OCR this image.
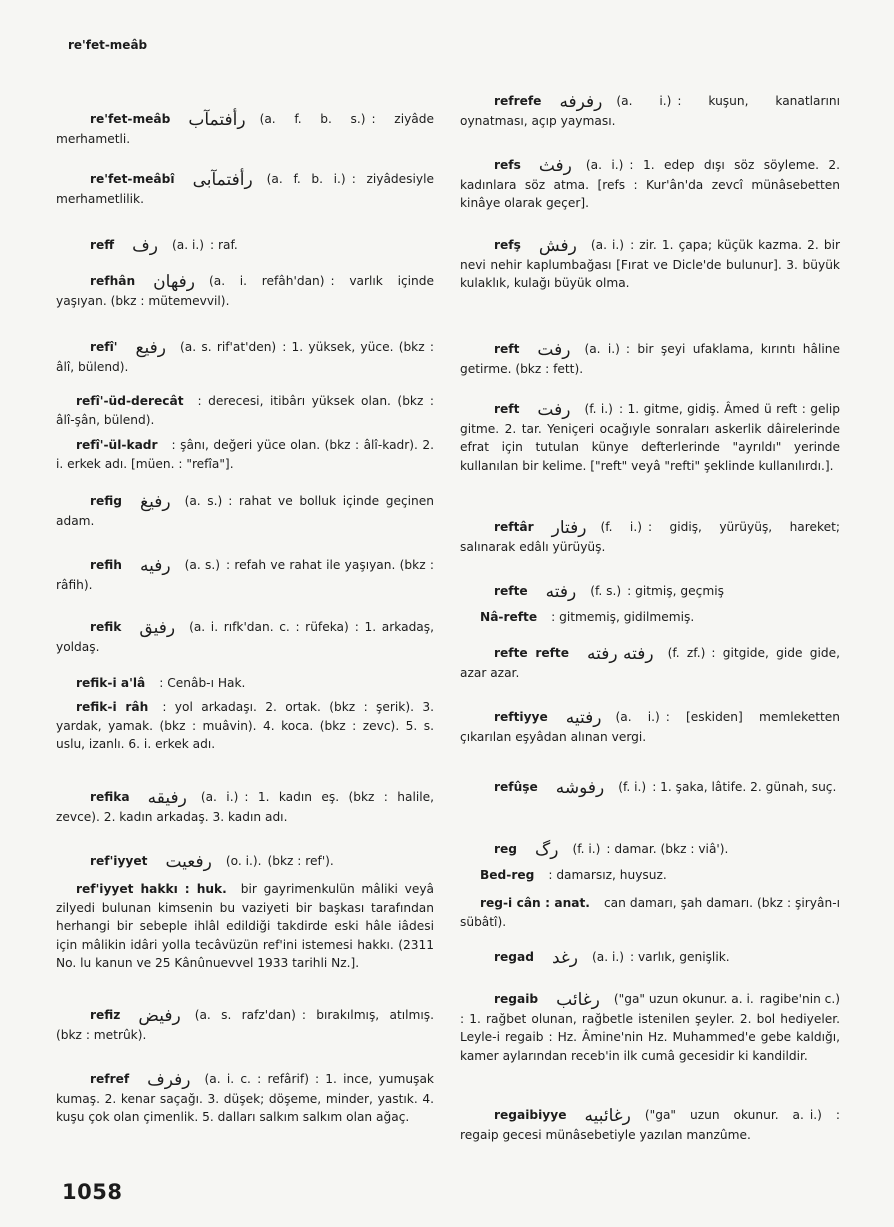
re'fet-meâb
re'fet-meâb رأفتمآب (a. f. b. s.) : ziyâde merhametli.
re'fet-meâbî رأفتمآبى (a. f. b. i.) : ziyâdesiyle merhametlilik.
reff رف (a. i.) : raf.
refhân رفهان (a. i. refâh'dan) : varlık içinde yaşıyan. (bkz : mütemevvil).
refî' رفيع (a. s. rif'at'den) : 1. yüksek, yüce. (bkz : âlî, bülend).
refî'-üd-derecât : derecesi, itibârı yüksek olan. (bkz : âlî-şân, bülend).
refî'-ül-kadr : şânı, değeri yüce olan. (bkz : âlî-kadr). 2. i. erkek adı. [müen. : "refîa"].
refig رفيغ (a. s.) : rahat ve bolluk içinde geçinen adam.
refih رفيه (a. s.) : refah ve rahat ile yaşıyan. (bkz : râfih).
refik رفيق (a. i. rıfk'dan. c. : rüfeka) : 1. arkadaş, yoldaş.
refik-i a'lâ : Cenâb-ı Hak.
refik-i râh : yol arkadaşı. 2. ortak. (bkz : şerik). 3. yardak, yamak. (bkz : muâvin). 4. koca. (bkz : zevc). 5. s. uslu, izanlı. 6. i. erkek adı.
refika رفيقه (a. i.) : 1. kadın eş. (bkz : halile, zevce). 2. kadın arkadaş. 3. kadın adı.
ref'iyyet رفعيت (o. i.). (bkz : ref').
ref'iyyet hakkı : huk. bir gayrimenkulün mâliki veyâ zilyedi bulunan kimsenin bu vaziyeti bir başkası tarafından herhangi bir sebeple ihlâl edildiği takdirde eski hâle iâdesi için mâlikin idâri yolla tecâvüzün ref'ini istemesi hakkı. (2311 No. lu kanun ve 25 Kânûnuevvel 1933 tarihli Nz.].
refiz رفيض (a. s. rafz'dan) : bırakılmış, atılmış. (bkz : metrûk).
refref رفرف (a. i. c. : refârif) : 1. ince, yumuşak kumaş. 2. kenar saçağı. 3. düşek; döşeme, minder, yastık. 4. kuşu çok olan çimenlik. 5. dalları salkım salkım olan ağaç.
refrefe رفرفه (a. i.) : kuşun, kanatlarını oynatması, açıp yayması.
refs رفث (a. i.) : 1. edep dışı söz söyleme. 2. kadınlara söz atma. [refs : Kur'ân'da zevcî münâsebetten kinâye olarak geçer].
refş رفش (a. i.) : zir. 1. çapa; küçük kazma. 2. bir nevi nehir kaplumbağası [Fırat ve Dicle'de bulunur]. 3. büyük kulaklık, kulağı büyük olma.
reft رفت (a. i.) : bir şeyi ufaklama, kırıntı hâline getirme. (bkz : fett).
reft رفت (f. i.) : 1. gitme, gidiş. Âmed ü reft : gelip gitme. 2. tar. Yeniçeri ocağıyle sonraları askerlik dâirelerinde efrat için tutulan künye defterlerinde "ayrıldı" yerinde kullanılan bir kelime. ["reft" veyâ "refti" şeklinde kullanılırdı.].
reftâr رفتار (f. i.) : gidiş, yürüyüş, hareket; salınarak edâlı yürüyüş.
refte رفته (f. s.) : gitmiş, geçmiş
Nâ-refte : gitmemiş, gidilmemiş.
refte refte رفته رفته (f. zf.) : gitgide, gide gide, azar azar.
reftiyye رفتيه (a. i.) : [eskiden] memleketten çıkarılan eşyâdan alınan vergi.
refûşe رفوشه (f. i.) : 1. şaka, lâtife. 2. günah, suç.
reg رگ (f. i.) : damar. (bkz : viâ').
Bed-reg : damarsız, huysuz.
reg-i cân : anat. can damarı, şah damarı. (bkz : şiryân-ı sübâtî).
regad رغد (a. i.) : varlık, genişlik.
regaib رغائب ("ga" uzun okunur. a. i. ragibe'nin c.) : 1. rağbet olunan, rağbetle istenilen şeyler. 2. bol hediyeler. Leyle-i regaib : Hz. Âmine'nin Hz. Muhammed'e gebe kaldığı, kamer aylarından receb'in ilk cumâ gecesidir ki kandildir.
regaibiyye رغائبيه ("ga" uzun okunur. a. i.) : regaip gecesi münâsebetiyle yazılan manzûme.
1058
